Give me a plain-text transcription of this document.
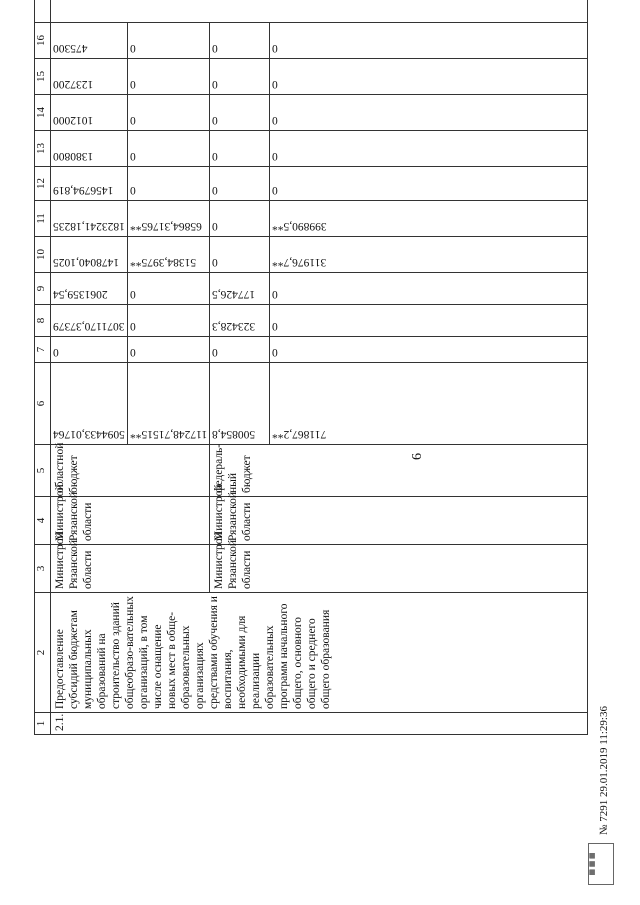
1	2	3	4	5	6	7	8	9	10	11	12	13	14	15	16	
2.1.	Предоставление субсидий бюджетам муниципальных образований на строительство зданий общеобразо-вательных организаций, в том числе оснащение новых мест в обще-образовательных организациях средствами обучения и воспитания, необходимыми для реализации образовательных программ начального общего, основного общего и среднего общего образования	Министрой Рязанской области	Министрой Рязанской области	областной бюджет	5094433,01764	0	3071170,37379	2061359,54	1478040,1025	1823241,18235	1456794,819	1380800	1012000	1237200	475300	

					117248,71515**	0	0	0	51384,3975**	65864,31765**	0	0	0	0	0	

		Министрой Рязанской области	Министрой Рязанской области	федераль-ный бюджет	500854,8	0	323428,3	177426,5	0	0	0	0	0	0	0	

					711867,2**	0	0	0	311976,7**	399890,5**	0	0	0	0	0	
6
▦ ▦ ▦
№ 7291 29.01.2019 11:29:36
